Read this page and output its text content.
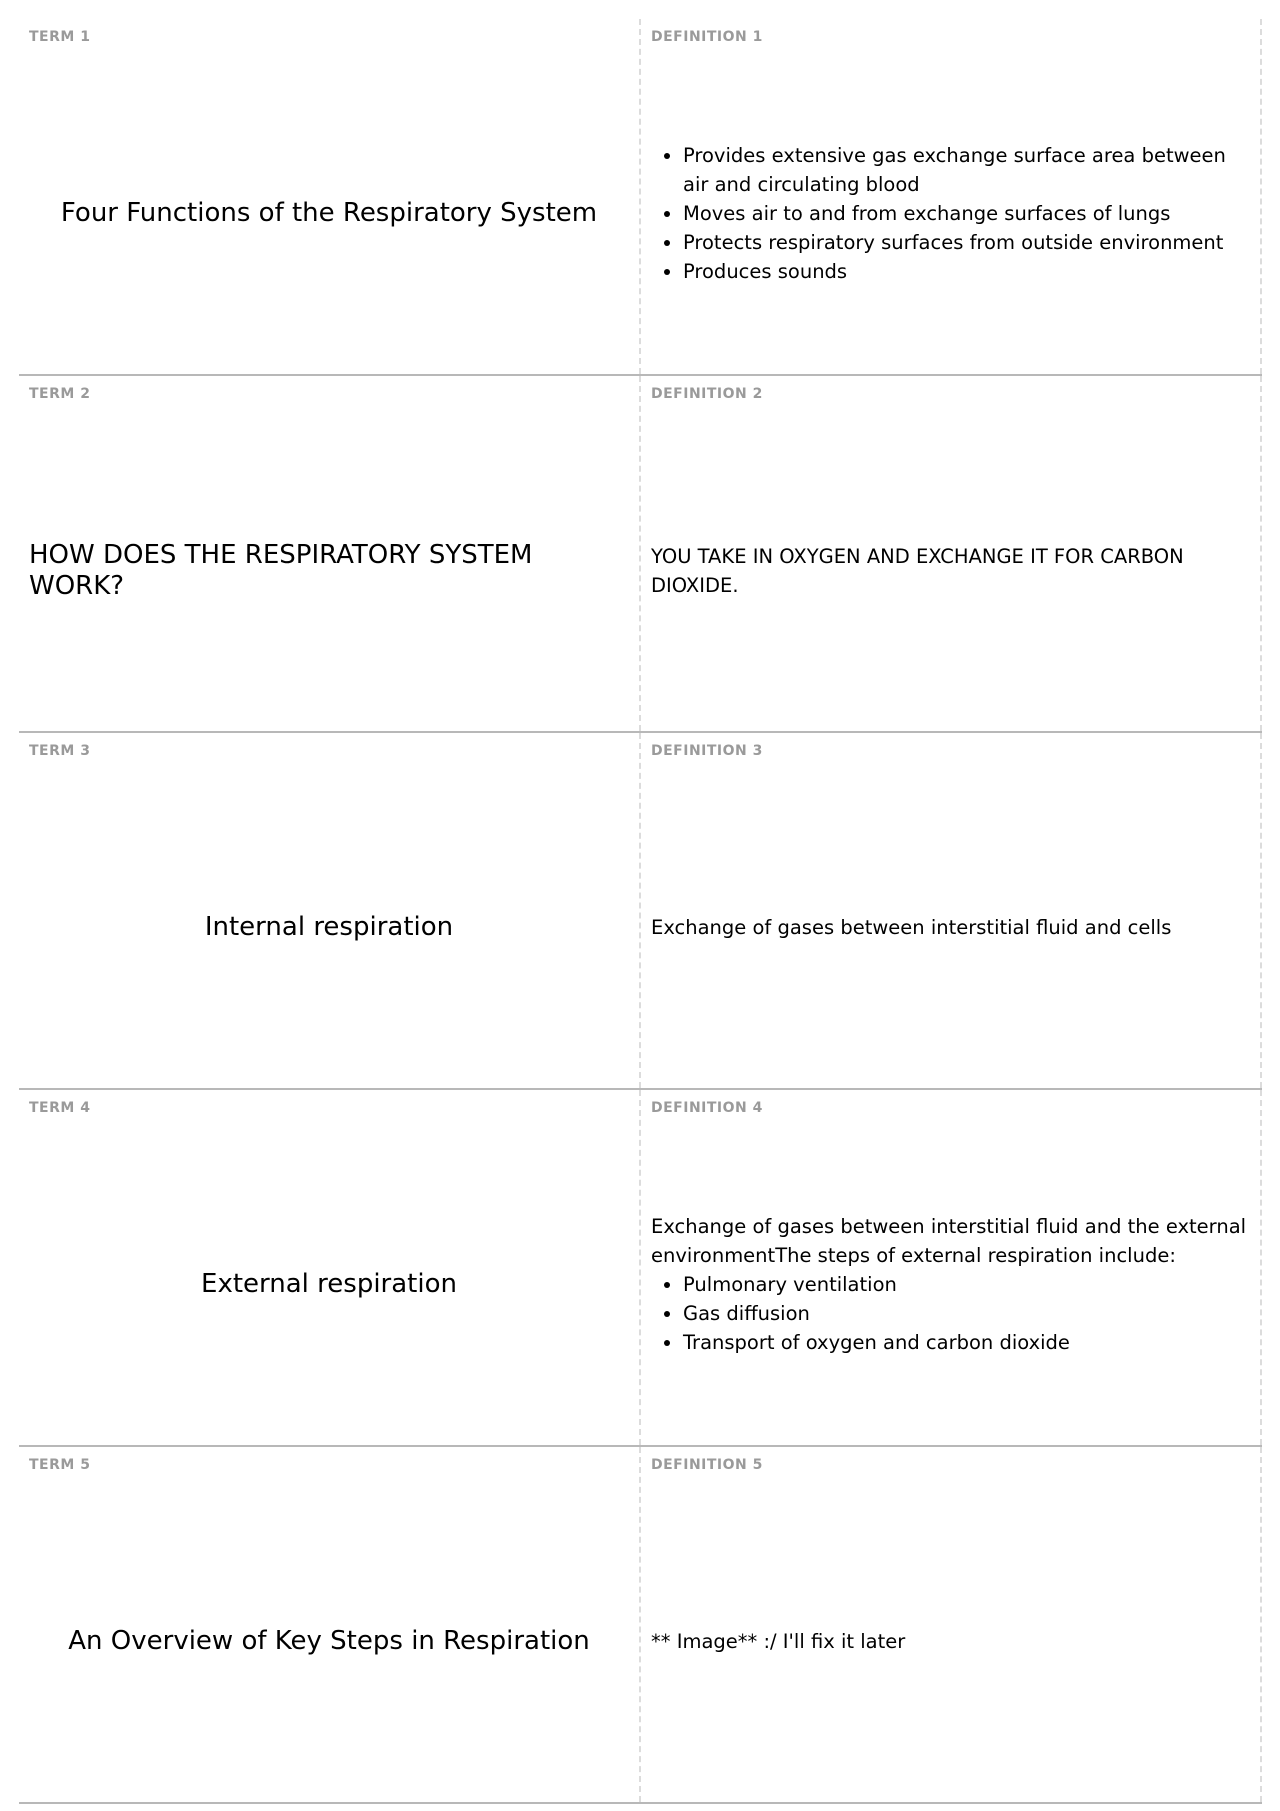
TERM 1
Four Functions of the Respiratory System
DEFINITION 1
• Provides extensive gas exchange surface area between air and circulating blood
• Moves air to and from exchange surfaces of lungs
• Protects respiratory surfaces from outside environment
• Produces sounds
TERM 2
HOW DOES THE RESPIRATORY SYSTEM WORK?
DEFINITION 2

YOU TAKE IN OXYGEN AND EXCHANGE IT FOR CARBON DIOXIDE.

TERM 3
Internal respiration
DEFINITION 3

Exchange of gases between interstitial fluid and cells

TERM 4
External respiration
DEFINITION 4

Exchange of gases between interstitial fluid and the external environmentThe steps of external respiration include:

• Pulmonary ventilation
• Gas diffusion
• Transport of oxygen and carbon dioxide
TERM 5
An Overview of Key Steps in Respiration
DEFINITION 5

** Image** :/ I'll fix it later
